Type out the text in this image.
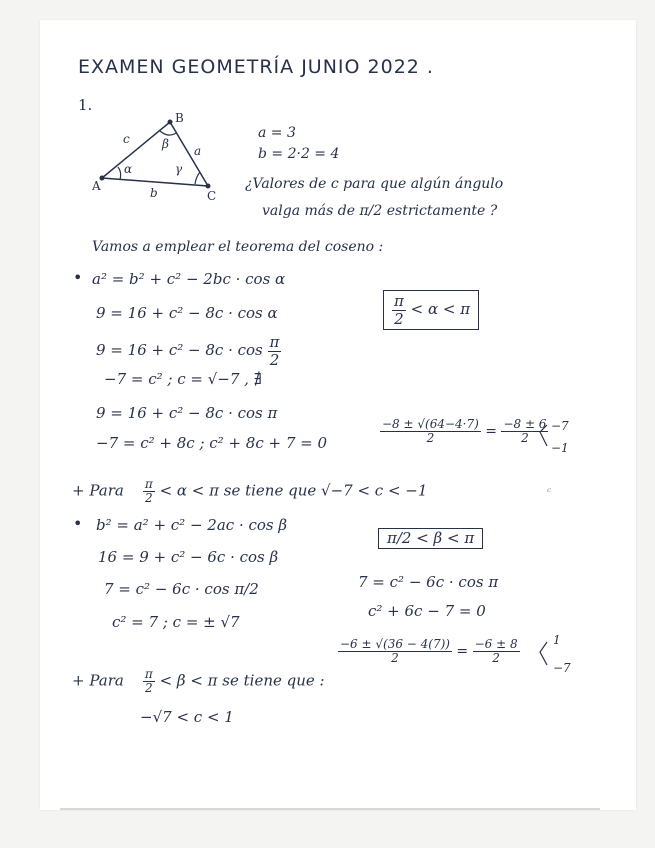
EXAMEN GEOMETRÍA JUNIO 2022 .
1.
A
B
C
a
b
c
α
β
γ
a = 3
b = 2·2 = 4
¿Valores de c para que algún ángulo
valga más de π/2 estrictamente ?
Vamos a emplear el teorema del coseno :
• a² = b² + c² − 2bc · cos α
9 = 16 + c² − 8c · cos α
$9 = 16 + c^2 - 8c \cdot \cos \frac{\pi}{2}$
−7 = c² ; c = √−7 , ∄
9 = 16 + c² − 8c · cos π
−7 = c² + 8c ; c² + 8c + 7 = 0
$\frac{\pi}{2} < \alpha < \pi$
$\frac{-8 \pm √(64-4\cdot 7)}{2} = \frac{-8 \pm 6}{2} -7$
−1
+ Para $\frac{\pi}{2} < \alpha < \pi$ se tiene que √−7 < c < −1	ᶜ
• b² = a² + c² − 2ac · cos β
16 = 9 + c² − 6c · cos β
7 = c² − 6c · cos π/2
c² = 7 ; c = ± √7
π/2 < β < π
7 = c² − 6c · cos π
c² + 6c − 7 = 0
$\frac{-6 \pm √(36 - 4(7))}{2} = \frac{-6 \pm 8}{2}$	1
−7
+ Para $\frac{\pi}{2} < \beta < \pi$ se tiene que :
−√7 < c < 1
